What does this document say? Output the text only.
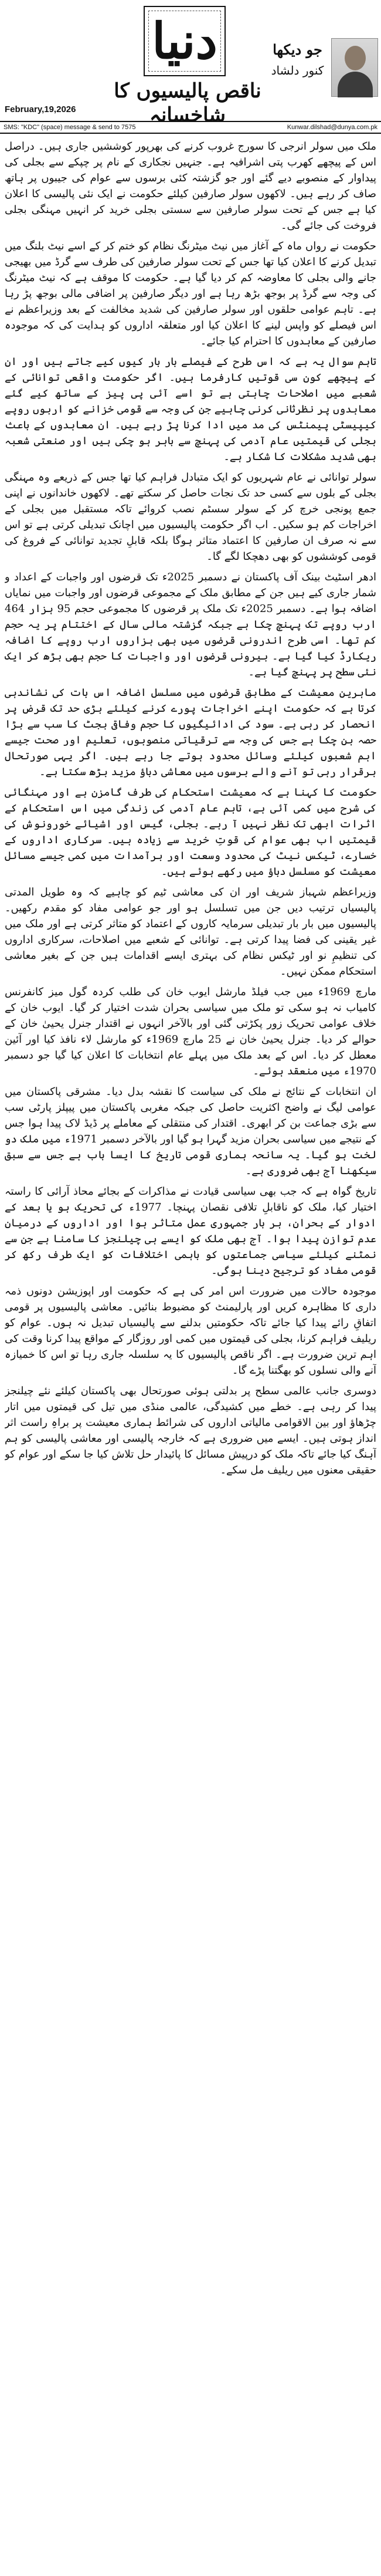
دنیا	جو دیکھا
کنور دلشاد
ناقص پالیسیوں کا شاخسانہ
February,19,2026
SMS: "KDC" (space) message & send to 7575	Kunwar.dilshad@dunya.com.pk

ملک میں سولر انرجی کا سورج غروب کرنے کی بھرپور کوششیں جاری ہیں۔ دراصل اس کے پیچھے کھرب پتی اشرافیہ ہے۔ جنہیں نجکاری کے نام پر چپکے سے بجلی کی پیداوار کے منصوبے دیے گئے اور جو گزشتہ کئی برسوں سے عوام کی جیبوں پر ہاتھ صاف کر رہے ہیں۔ لاکھوں سولر صارفین کیلئے حکومت نے ایک نئی پالیسی کا اعلان کیا ہے جس کے تحت سولر صارفین سے سستی بجلی خرید کر انہیں مہنگی بجلی فروخت کی جائے گی۔

حکومت نے رواں ماہ کے آغاز میں نیٹ میٹرنگ نظام کو ختم کر کے اسے نیٹ بلنگ میں تبدیل کرنے کا اعلان کیا تھا جس کے تحت سولر صارفین کی طرف سے گرڈ میں بھیجی جانے والی بجلی کا معاوضہ کم کر دیا گیا ہے۔ حکومت کا موقف ہے کہ نیٹ میٹرنگ کی وجہ سے گرڈ پر بوجھ بڑھ رہا ہے اور دیگر صارفین پر اضافی مالی بوجھ پڑ رہا ہے۔ تاہم عوامی حلقوں اور سولر صارفین کی شدید مخالفت کے بعد وزیراعظم نے اس فیصلے کو واپس لینے کا اعلان کیا اور متعلقہ اداروں کو ہدایت کی کہ موجودہ صارفین کے معاہدوں کا احترام کیا جائے۔

تاہم سوال یہ ہے کہ اس طرح کے فیصلے بار بار کیوں کیے جاتے ہیں اور ان کے پیچھے کون سی قوتیں کارفرما ہیں۔ اگر حکومت واقعی توانائی کے شعبے میں اصلاحات چاہتی ہے تو اسے آئی پی پیز کے ساتھ کیے گئے معاہدوں پر نظرثانی کرنی چاہیے جن کی وجہ سے قومی خزانے کو اربوں روپے کیپیسٹی پیمنٹس کی مد میں ادا کرنا پڑ رہے ہیں۔ ان معاہدوں کے باعث بجلی کی قیمتیں عام آدمی کی پہنچ سے باہر ہو چکی ہیں اور صنعتی شعبہ بھی شدید مشکلات کا شکار ہے۔

سولر توانائی نے عام شہریوں کو ایک متبادل فراہم کیا تھا جس کے ذریعے وہ مہنگی بجلی کے بلوں سے کسی حد تک نجات حاصل کر سکتے تھے۔ لاکھوں خاندانوں نے اپنی جمع پونجی خرچ کر کے سولر سسٹم نصب کروائے تاکہ مستقبل میں بجلی کے اخراجات کم ہو سکیں۔ اب اگر حکومت پالیسیوں میں اچانک تبدیلی کرتی ہے تو اس سے نہ صرف ان صارفین کا اعتماد متاثر ہوگا بلکہ قابلِ تجدید توانائی کے فروغ کی قومی کوششوں کو بھی دھچکا لگے گا۔

ادھر اسٹیٹ بینک آف پاکستان نے دسمبر 2025ء تک قرضوں اور واجبات کے اعداد و شمار جاری کیے ہیں جن کے مطابق ملک کے مجموعی قرضوں اور واجبات میں نمایاں اضافہ ہوا ہے۔ دسمبر 2025ء تک ملک پر قرضوں کا مجموعی حجم 95 ہزار 464 ارب روپے تک پہنچ چکا ہے جبکہ گزشتہ مالی سال کے اختتام پر یہ حجم کم تھا۔ اسی طرح اندرونی قرضوں میں بھی ہزاروں ارب روپے کا اضافہ ریکارڈ کیا گیا ہے۔ بیرونی قرضوں اور واجبات کا حجم بھی بڑھ کر ایک نئی سطح پر پہنچ گیا ہے۔

ماہرین معیشت کے مطابق قرضوں میں مسلسل اضافہ اس بات کی نشاندہی کرتا ہے کہ حکومت اپنے اخراجات پورے کرنے کیلئے بڑی حد تک قرض پر انحصار کر رہی ہے۔ سود کی ادائیگیوں کا حجم وفاقی بجٹ کا سب سے بڑا حصہ بن چکا ہے جس کی وجہ سے ترقیاتی منصوبوں، تعلیم اور صحت جیسے اہم شعبوں کیلئے وسائل محدود ہوتے جا رہے ہیں۔ اگر یہی صورتحال برقرار رہی تو آنے والے برسوں میں معاشی دباؤ مزید بڑھ سکتا ہے۔

حکومت کا کہنا ہے کہ معیشت استحکام کی طرف گامزن ہے اور مہنگائی کی شرح میں کمی آئی ہے، تاہم عام آدمی کی زندگی میں اس استحکام کے اثرات ابھی تک نظر نہیں آ رہے۔ بجلی، گیس اور اشیائے خورونوش کی قیمتیں اب بھی عوام کی قوتِ خرید سے زیادہ ہیں۔ سرکاری اداروں کے خسارے، ٹیکس نیٹ کی محدود وسعت اور برآمدات میں کمی جیسے مسائل معیشت کو مسلسل دباؤ میں رکھے ہوئے ہیں۔

وزیراعظم شہباز شریف اور ان کی معاشی ٹیم کو چاہیے کہ وہ طویل المدتی پالیسیاں ترتیب دیں جن میں تسلسل ہو اور جو عوامی مفاد کو مقدم رکھیں۔ پالیسیوں میں بار بار تبدیلی سرمایہ کاروں کے اعتماد کو متاثر کرتی ہے اور ملک میں غیر یقینی کی فضا پیدا کرتی ہے۔ توانائی کے شعبے میں اصلاحات، سرکاری اداروں کی تنظیمِ نو اور ٹیکس نظام کی بہتری ایسے اقدامات ہیں جن کے بغیر معاشی استحکام ممکن نہیں۔

مارچ 1969ء میں جب فیلڈ مارشل ایوب خان کی طلب کردہ گول میز کانفرنس کامیاب نہ ہو سکی تو ملک میں سیاسی بحران شدت اختیار کر گیا۔ ایوب خان کے خلاف عوامی تحریک زور پکڑتی گئی اور بالآخر انہوں نے اقتدار جنرل یحییٰ خان کے حوالے کر دیا۔ جنرل یحییٰ خان نے 25 مارچ 1969ء کو مارشل لاء نافذ کیا اور آئین معطل کر دیا۔ اس کے بعد ملک میں پہلے عام انتخابات کا اعلان کیا گیا جو دسمبر 1970ء میں منعقد ہوئے۔

ان انتخابات کے نتائج نے ملک کی سیاست کا نقشہ بدل دیا۔ مشرقی پاکستان میں عوامی لیگ نے واضح اکثریت حاصل کی جبکہ مغربی پاکستان میں پیپلز پارٹی سب سے بڑی جماعت بن کر ابھری۔ اقتدار کی منتقلی کے معاملے پر ڈیڈ لاک پیدا ہوا جس کے نتیجے میں سیاسی بحران مزید گہرا ہو گیا اور بالآخر دسمبر 1971ء میں ملک دو لخت ہو گیا۔ یہ سانحہ ہماری قومی تاریخ کا ایسا باب ہے جس سے سبق سیکھنا آج بھی ضروری ہے۔

تاریخ گواہ ہے کہ جب بھی سیاسی قیادت نے مذاکرات کے بجائے محاذ آرائی کا راستہ اختیار کیا، ملک کو ناقابلِ تلافی نقصان پہنچا۔ 1977ء کی تحریک ہو یا بعد کے ادوار کے بحران، ہر بار جمہوری عمل متاثر ہوا اور اداروں کے درمیان عدم توازن پیدا ہوا۔ آج بھی ملک کو ایسے ہی چیلنجز کا سامنا ہے جن سے نمٹنے کیلئے سیاسی جماعتوں کو باہمی اختلافات کو ایک طرف رکھ کر قومی مفاد کو ترجیح دینا ہوگی۔

موجودہ حالات میں ضرورت اس امر کی ہے کہ حکومت اور اپوزیشن دونوں ذمہ داری کا مظاہرہ کریں اور پارلیمنٹ کو مضبوط بنائیں۔ معاشی پالیسیوں پر قومی اتفاقِ رائے پیدا کیا جائے تاکہ حکومتیں بدلنے سے پالیسیاں تبدیل نہ ہوں۔ عوام کو ریلیف فراہم کرنا، بجلی کی قیمتوں میں کمی اور روزگار کے مواقع پیدا کرنا وقت کی اہم ترین ضرورت ہے۔ اگر ناقص پالیسیوں کا یہ سلسلہ جاری رہا تو اس کا خمیازہ آنے والی نسلوں کو بھگتنا پڑے گا۔

دوسری جانب عالمی سطح پر بدلتی ہوئی صورتحال بھی پاکستان کیلئے نئے چیلنجز پیدا کر رہی ہے۔ خطے میں کشیدگی، عالمی منڈی میں تیل کی قیمتوں میں اتار چڑھاؤ اور بین الاقوامی مالیاتی اداروں کی شرائط ہماری معیشت پر براہِ راست اثر انداز ہوتی ہیں۔ ایسے میں ضروری ہے کہ خارجہ پالیسی اور معاشی پالیسی کو ہم آہنگ کیا جائے تاکہ ملک کو درپیش مسائل کا پائیدار حل تلاش کیا جا سکے اور عوام کو حقیقی معنوں میں ریلیف مل سکے۔
